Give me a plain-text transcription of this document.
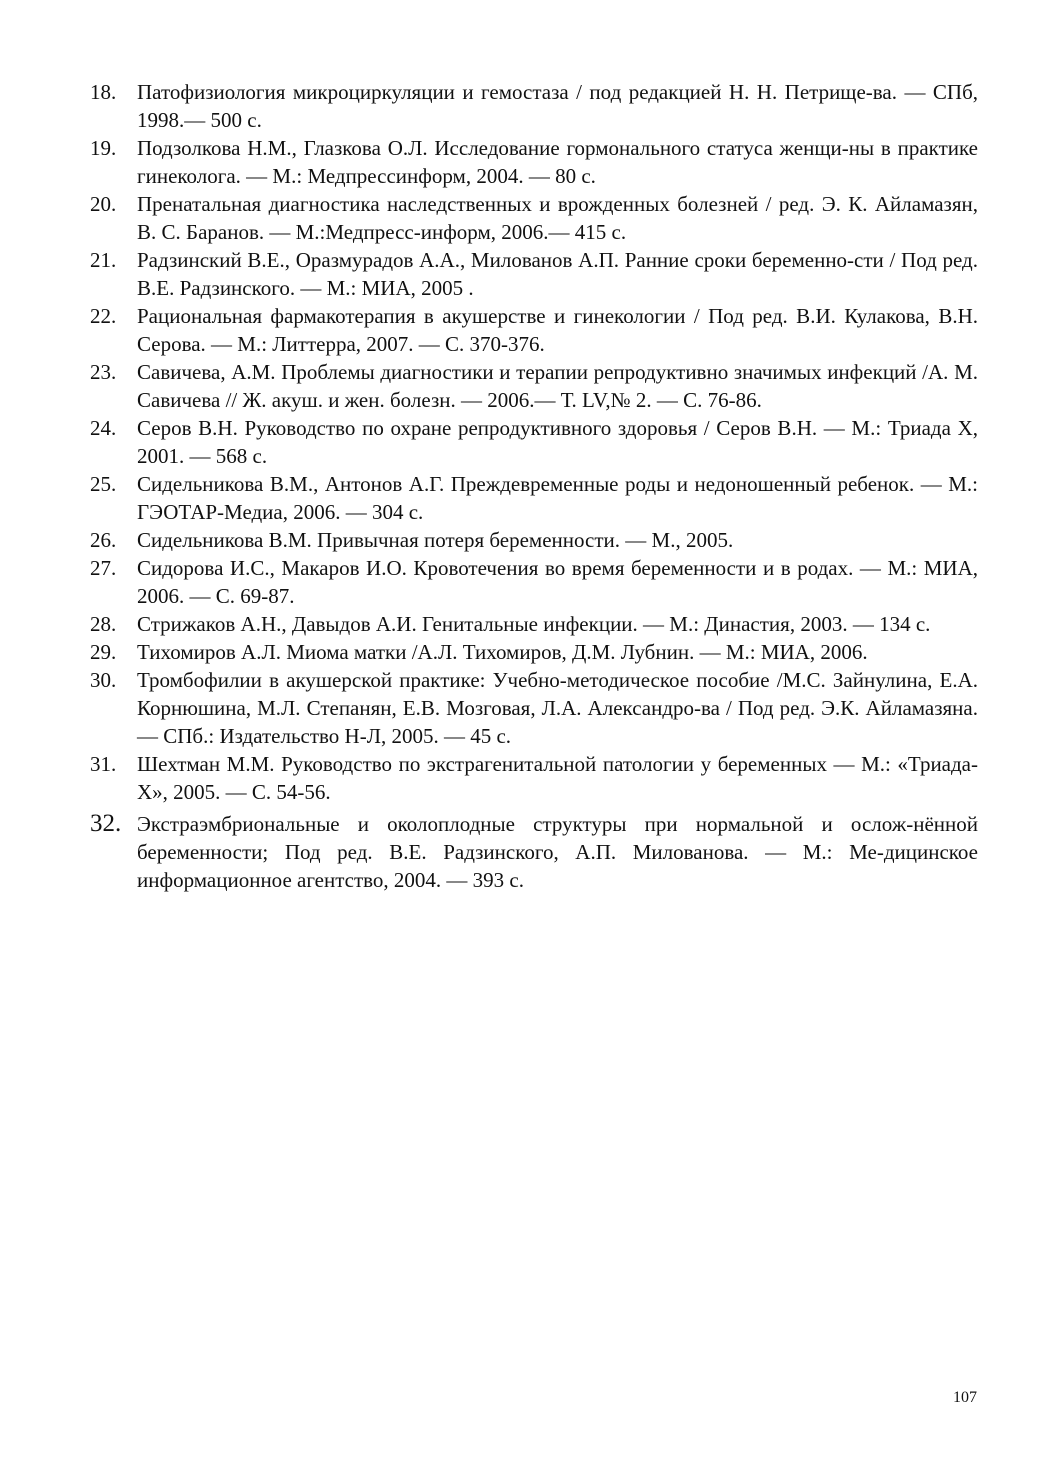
18. Патофизиология микроциркуляции и гемостаза / под редакцией Н. Н. Петрище-ва. — СПб, 1998.— 500 с.
19. Подзолкова Н.М., Глазкова О.Л. Исследование гормонального статуса женщи-ны в практике гинеколога. — М.: Медпрессинформ, 2004. — 80 с.
20. Пренатальная диагностика наследственных и врожденных болезней / ред. Э. К. Айламазян, В. С. Баранов. — М.:Медпресс-информ, 2006.— 415 с.
21. Радзинский В.Е., Оразмурадов А.А., Милованов А.П. Ранние сроки беременно-сти / Под ред. В.Е. Радзинского. — М.: МИА, 2005 .
22. Рациональная фармакотерапия в акушерстве и гинекологии / Под ред. В.И. Кулакова, В.Н. Серова. — М.: Литтерра, 2007. — С. 370-376.
23. Савичева, А.М. Проблемы диагностики и терапии репродуктивно значимых инфекций /А. М. Савичева // Ж. акуш. и жен. болезн. — 2006.— Т. LV,№ 2. — С. 76-86.
24. Серов В.Н. Руководство по охране репродуктивного здоровья / Серов В.Н. — М.: Триада Х, 2001. — 568 с.
25. Сидельникова В.М., Антонов А.Г. Преждевременные роды и недоношенный ребенок. — М.: ГЭОТАР-Медиа, 2006. — 304 с.
26. Сидельникова В.М. Привычная потеря беременности. — М., 2005.
27. Сидорова И.С., Макаров И.О. Кровотечения во время беременности и в родах. — М.: МИА, 2006. — С. 69-87.
28. Стрижаков А.Н., Давыдов А.И. Генитальные инфекции. — М.: Династия, 2003. — 134 с.
29. Тихомиров А.Л. Миома матки /А.Л. Тихомиров, Д.М. Лубнин. — М.: МИА, 2006.
30. Тромбофилии в акушерской практике: Учебно-методическое пособие /М.С. Зайнулина, Е.А. Корнюшина, М.Л. Степанян, Е.В. Мозговая, Л.А. Александро-ва / Под ред. Э.К. Айламазяна. — СПб.: Издательство Н-Л, 2005. — 45 с.
31. Шехтман М.М. Руководство по экстрагенитальной патологии у беременных — М.: «Триада-Х», 2005. — С. 54-56.
32. Экстраэмбриональные и околоплодные структуры при нормальной и ослож-нённой беременности; Под ред. В.Е. Радзинского, А.П. Милованова. — М.: Ме-дицинское информационное агентство, 2004. — 393 с.
107
